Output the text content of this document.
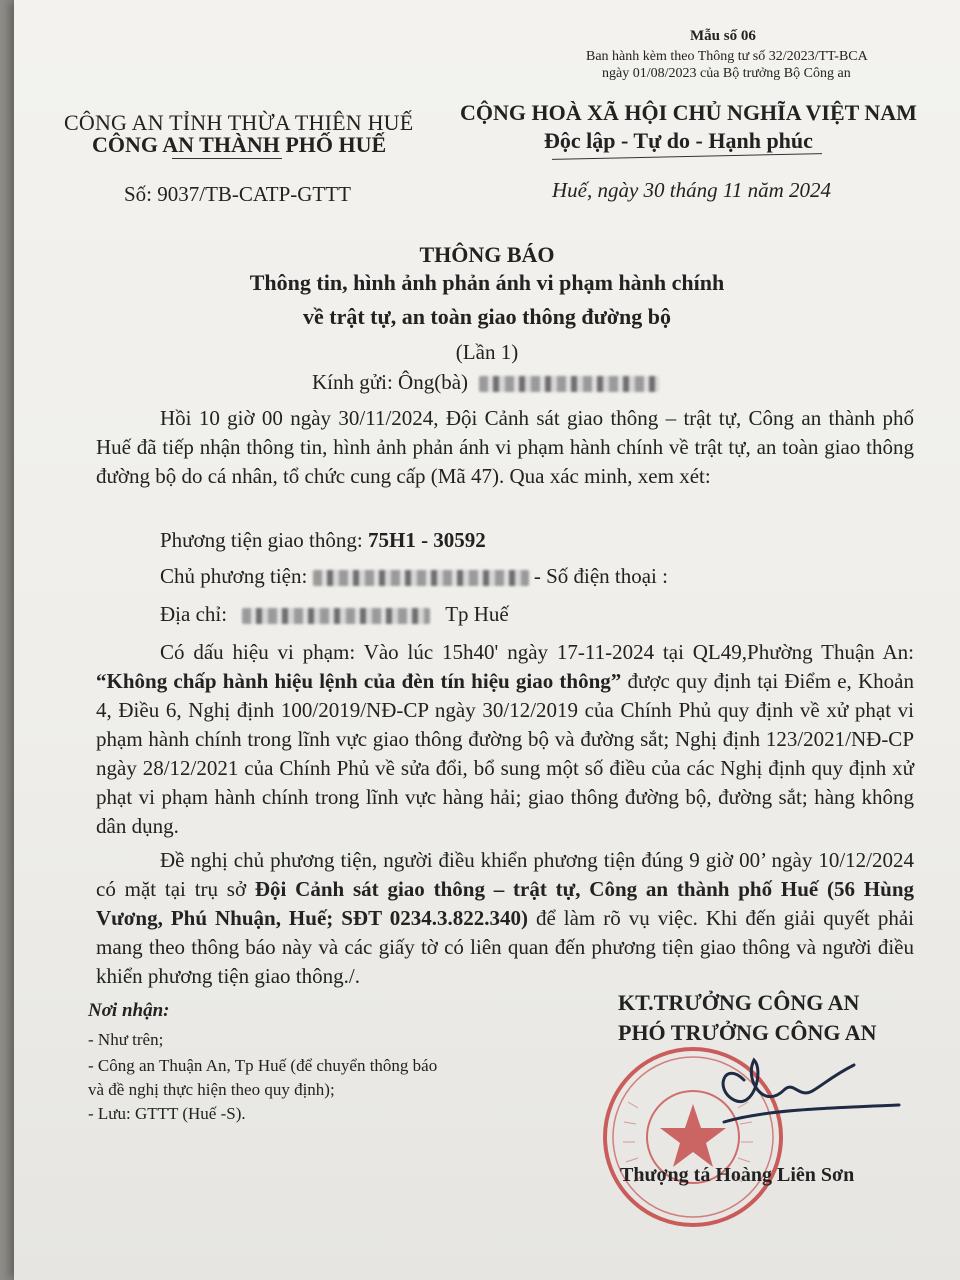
Mẫu số 06
Ban hành kèm theo Thông tư số 32/2023/TT-BCA
ngày 01/08/2023 của Bộ trưởng Bộ Công an
CÔNG AN TỈNH THỪA THIÊN HUẾ
CÔNG AN THÀNH PHỐ HUẾ
CỘNG HOÀ XÃ HỘI CHỦ NGHĨA VIỆT NAM
Độc lập - Tự do - Hạnh phúc
Số: 9037/TB-CATP-GTTT	Huế, ngày 30 tháng 11 năm 2024
THÔNG BÁO
Thông tin, hình ảnh phản ánh vi phạm hành chính
về trật tự, an toàn giao thông đường bộ
(Lần 1)
Kính gửi: Ông(bà)
Hồi 10 giờ 00 ngày 30/11/2024, Đội Cảnh sát giao thông – trật tự, Công an thành phố Huế đã tiếp nhận thông tin, hình ảnh phản ánh vi phạm hành chính về trật tự, an toàn giao thông đường bộ do cá nhân, tổ chức cung cấp (Mã 47). Qua xác minh, xem xét:
Phương tiện giao thông: 75H1 - 30592
Chủ phương tiện:	- Số điện thoại :
Địa chỉ:	Tp Huế
Có dấu hiệu vi phạm: Vào lúc 15h40' ngày 17-11-2024 tại QL49,Phường Thuận An: “Không chấp hành hiệu lệnh của đèn tín hiệu giao thông” được quy định tại Điểm e, Khoản 4, Điều 6, Nghị định 100/2019/NĐ-CP ngày 30/12/2019 của Chính Phủ quy định về xử phạt vi phạm hành chính trong lĩnh vực giao thông đường bộ và đường sắt; Nghị định 123/2021/NĐ-CP ngày 28/12/2021 của Chính Phủ về sửa đổi, bổ sung một số điều của các Nghị định quy định xử phạt vi phạm hành chính trong lĩnh vực hàng hải; giao thông đường bộ, đường sắt; hàng không dân dụng.
Đề nghị chủ phương tiện, người điều khiển phương tiện đúng 9 giờ 00’ ngày 10/12/2024 có mặt tại trụ sở Đội Cảnh sát giao thông – trật tự, Công an thành phố Huế (56 Hùng Vương, Phú Nhuận, Huế; SĐT 0234.3.822.340) để làm rõ vụ việc. Khi đến giải quyết phải mang theo thông báo này và các giấy tờ có liên quan đến phương tiện giao thông và người điều khiển phương tiện giao thông./.
Nơi nhận:
- Như trên;
- Công an Thuận An, Tp Huế (để chuyển thông báo
và đề nghị thực hiện theo quy định);
- Lưu: GTTT (Huế -S).
KT.TRƯỞNG CÔNG AN
PHÓ TRƯỞNG CÔNG AN
Thượng tá Hoàng Liên Sơn
